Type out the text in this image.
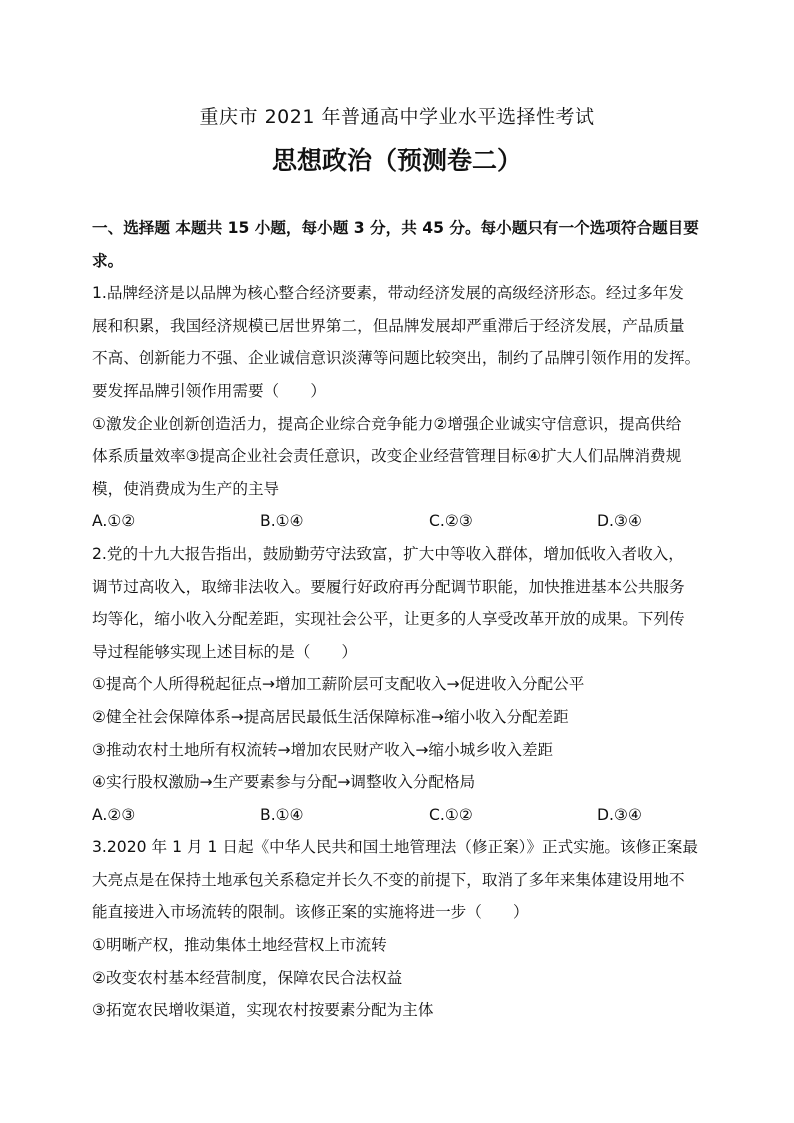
重庆市 2021 年普通高中学业水平选择性考试
思想政治（预测卷二）
一、选择题 本题共 15 小题，每小题 3 分，共 45 分。每小题只有一个选项符合题目要
求。
1.品牌经济是以品牌为核心整合经济要素，带动经济发展的高级经济形态。经过多年发
展和积累，我国经济规模已居世界第二，但品牌发展却严重滞后于经济发展，产品质量
不高、创新能力不强、企业诚信意识淡薄等问题比较突出，制约了品牌引领作用的发挥。
要发挥品牌引领作用需要（　　）
①激发企业创新创造活力，提高企业综合竞争能力②增强企业诚实守信意识，提高供给
体系质量效率③提高企业社会责任意识，改变企业经营管理目标④扩大人们品牌消费规
模，使消费成为生产的主导
A.①②	B.①④	C.②③	D.③④
2.党的十九大报告指出，鼓励勤劳守法致富，扩大中等收入群体，增加低收入者收入，
调节过高收入，取缔非法收入。要履行好政府再分配调节职能，加快推进基本公共服务
均等化，缩小收入分配差距，实现社会公平，让更多的人享受改革开放的成果。下列传
导过程能够实现上述目标的是（　　）
①提高个人所得税起征点→增加工薪阶层可支配收入→促进收入分配公平
②健全社会保障体系→提高居民最低生活保障标准→缩小收入分配差距
③推动农村土地所有权流转→增加农民财产收入→缩小城乡收入差距
④实行股权激励→生产要素参与分配→调整收入分配格局
A.②③	B.①④	C.①②	D.③④
3.2020 年 1 月 1 日起《中华人民共和国土地管理法（修正案）》正式实施。该修正案最
大亮点是在保持土地承包关系稳定并长久不变的前提下，取消了多年来集体建设用地不
能直接进入市场流转的限制。该修正案的实施将进一步（　　）
①明晰产权，推动集体土地经营权上市流转
②改变农村基本经营制度，保障农民合法权益
③拓宽农民增收渠道，实现农村按要素分配为主体
